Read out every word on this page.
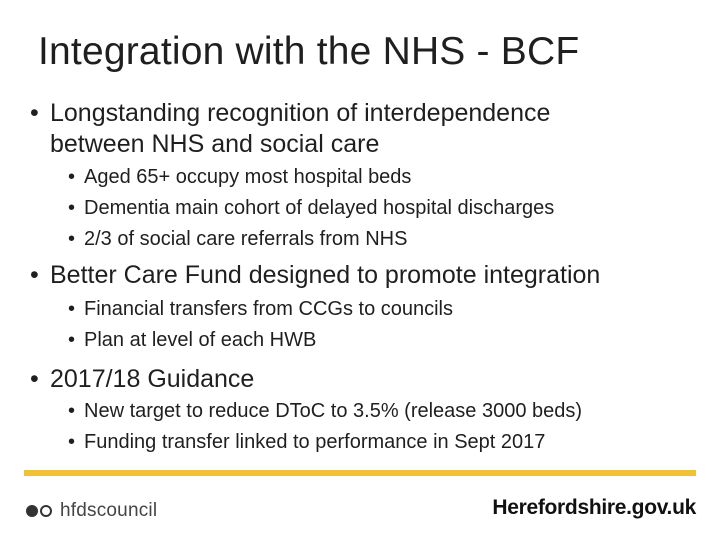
Integration with the NHS - BCF
• Longstanding recognition of interdependence
between NHS and social care
• Aged 65+ occupy most hospital beds
• Dementia main cohort of delayed hospital discharges
• 2/3 of social care referrals from NHS
• Better Care Fund designed to promote integration
• Financial transfers from CCGs to councils
• Plan at level of each HWB
• 2017/18 Guidance
• New target to reduce DToC to 3.5% (release 3000 beds)
• Funding transfer linked to performance in Sept 2017
hfdscouncil	Herefordshire.gov.uk
